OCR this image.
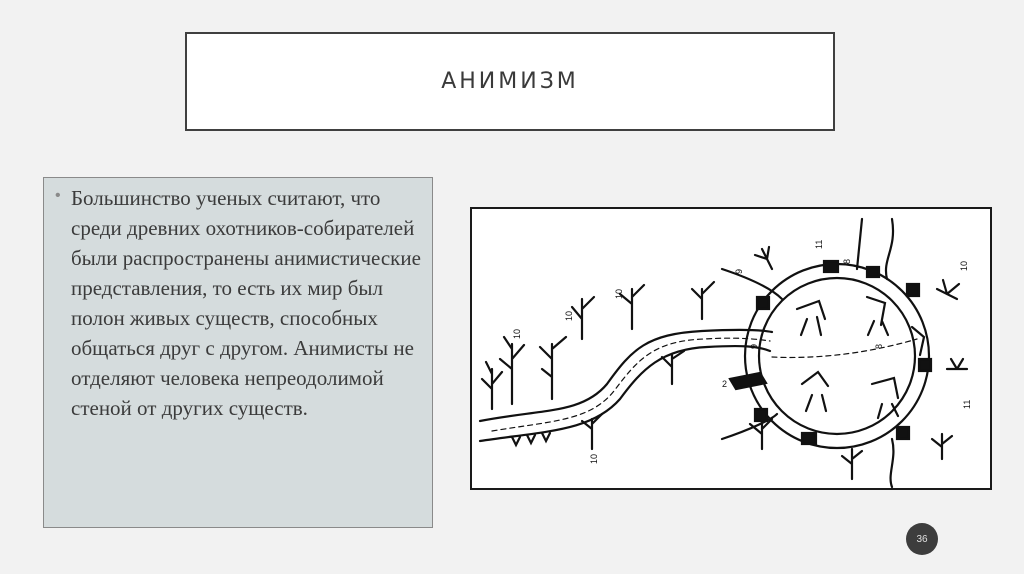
АНИМИЗМ
• Большинство ученых считают, что среди древних охотников-собирателей были распространены анимистические представления, то есть их мир был полон живых существ, способных общаться друг с другом. Анимисты не отделяют человека непреодолимой стеной от других существ.
10
10
10
9
8
9
11
11
10
2
8
10
36
